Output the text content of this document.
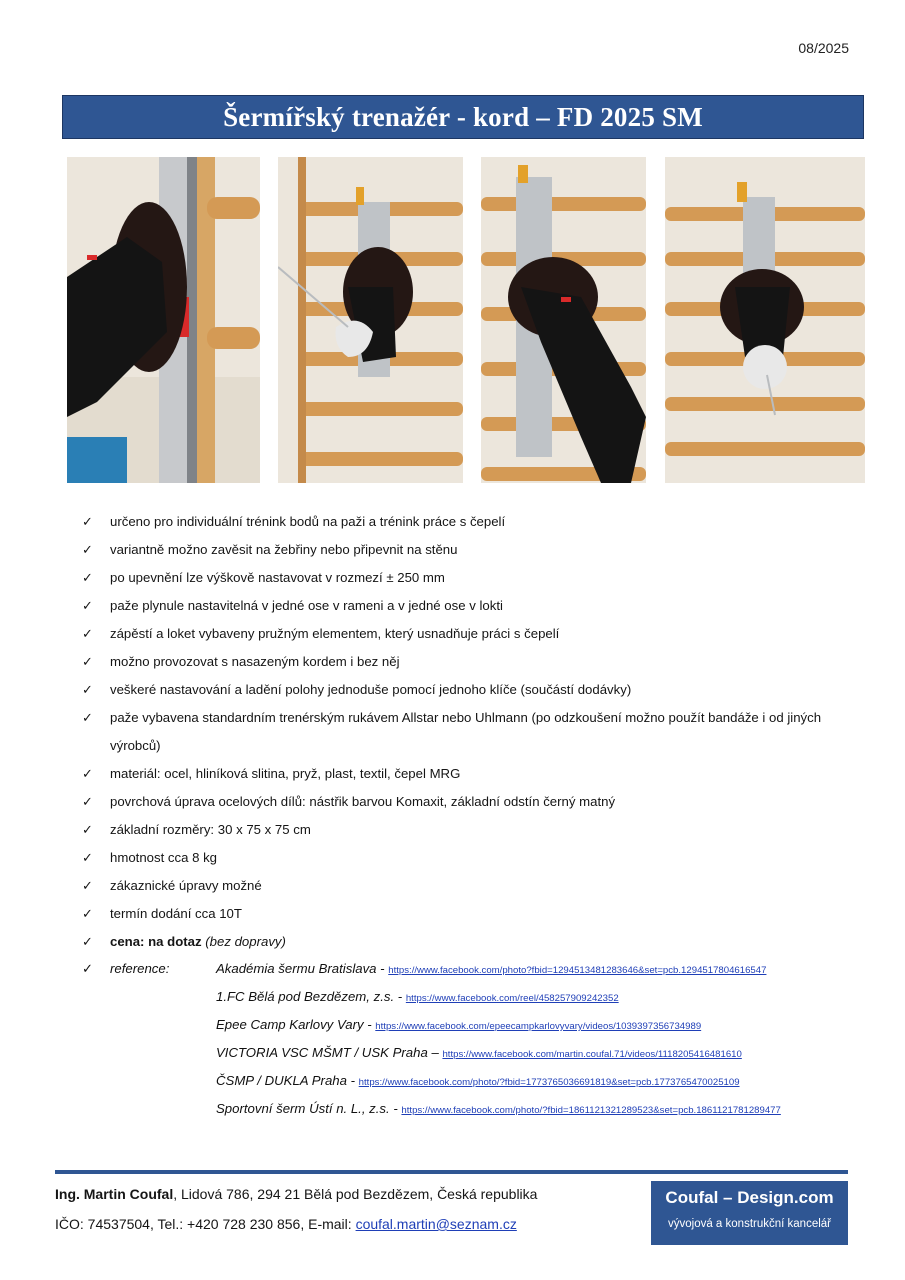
08/2025
Šermířský trenažér - kord – FD 2025 SM
✓ určeno pro individuální trénink bodů na paži a trénink práce s čepelí
✓ variantně možno zavěsit na žebřiny nebo připevnit na stěnu
✓ po upevnění lze výškově nastavovat v rozmezí ± 250 mm
✓ paže plynule nastavitelná v jedné ose v rameni a v jedné ose v lokti
✓ zápěstí a loket vybaveny pružným elementem, který usnadňuje práci s čepelí
✓ možno provozovat s nasazeným kordem i bez něj
✓ veškeré nastavování a ladění polohy jednoduše pomocí jednoho klíče (součástí dodávky)
✓ paže vybavena standardním trenérským rukávem Allstar nebo Uhlmann (po odzkoušení možno použít bandáže i od jiných výrobců)
✓ materiál: ocel, hliníková slitina, pryž, plast, textil, čepel MRG
✓ povrchová úprava ocelových dílů: nástřik barvou Komaxit, základní odstín černý matný
✓ základní rozměry: 30 x 75 x 75 cm
✓ hmotnost cca 8 kg
✓ zákaznické úpravy možné
✓ termín dodání cca 10T
✓ cena: na dotaz (bez dopravy)
✓ reference:	Akadémia šermu Bratislava - https://www.facebook.com/photo?fbid=1294513481283646&set=pcb.1294517804616547
1.FC Bělá pod Bezdězem, z.s. - https://www.facebook.com/reel/458257909242352
Epee Camp Karlovy Vary - https://www.facebook.com/epeecampkarlovyvary/videos/1039397356734989
VICTORIA VSC MŠMT / USK Praha – https://www.facebook.com/martin.coufal.71/videos/1118205416481610
ČSMP / DUKLA Praha - https://www.facebook.com/photo/?fbid=1773765036691819&set=pcb.1773765470025109
Sportovní šerm Ústí n. L., z.s. - https://www.facebook.com/photo/?fbid=1861121321289523&set=pcb.1861121781289477
Ing. Martin Coufal, Lidová 786, 294 21 Bělá pod Bezdězem, Česká republika
IČO: 74537504, Tel.: +420 728 230 856, E-mail: coufal.martin@seznam.cz
Coufal – Design.com
vývojová a konstrukční kancelář
